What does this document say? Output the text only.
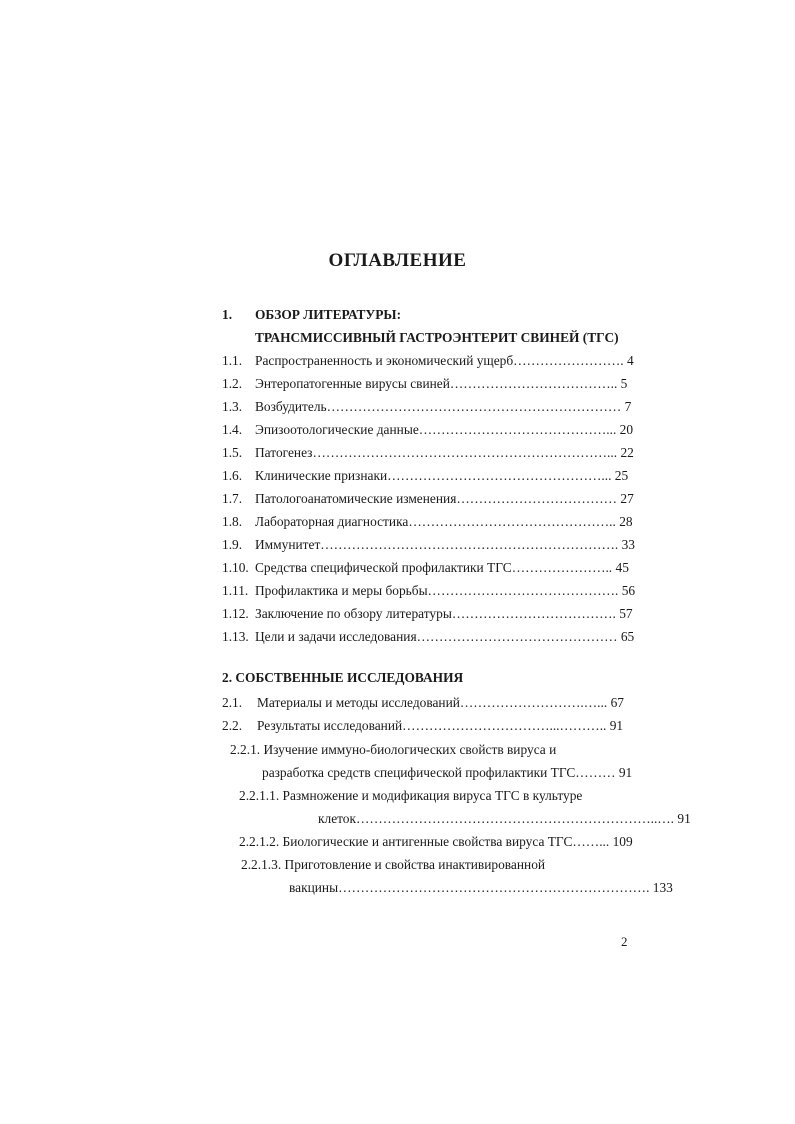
ОГЛАВЛЕНИЕ
1. ОБЗОР ЛИТЕРАТУРЫ:
ТРАНСМИССИВНЫЙ ГАСТРОЭНТЕРИТ СВИНЕЙ (ТГС)
1.1. Распространенность и экономический ущерб……………………. 4
1.2. Энтеропатогенные вирусы свиней……………………………….. 5
1.3. Возбудитель………………………………………………………… 7
1.4. Эпизоотологические данные……………………………………... 20
1.5. Патогенез…………………………………………………………... 22
1.6. Клинические признаки…………………………………………... 25
1.7. Патологоанатомические изменения……………………………… 27
1.8. Лабораторная диагностика……………………………………….. 28
1.9. Иммунитет…………………………………………………………. 33
1.10. Средства специфической профилактики ТГС………………….. 45
1.11. Профилактика и меры борьбы……………………………………. 56
1.12. Заключение по обзору литературы………………………………. 57
1.13. Цели и задачи исследования……………………………………… 65
2. СОБСТВЕННЫЕ ИССЛЕДОВАНИЯ
2.1. Материалы и методы исследований……………………….…... 67
2.2. Результаты исследований……………………………...……….. 91
2.2.1. Изучение иммуно-биологических свойств вируса и
разработка средств специфической профилактики ТГС……… 91
2.2.1.1. Размножение и модификация вируса ТГС в культуре
клеток…………………………………………………………..…. 91
2.2.1.2. Биологические и антигенные свойства вируса ТГС……... 109
2.2.1.3. Приготовление и свойства инактивированной
вакцины……………………………………………………………. 133
2
